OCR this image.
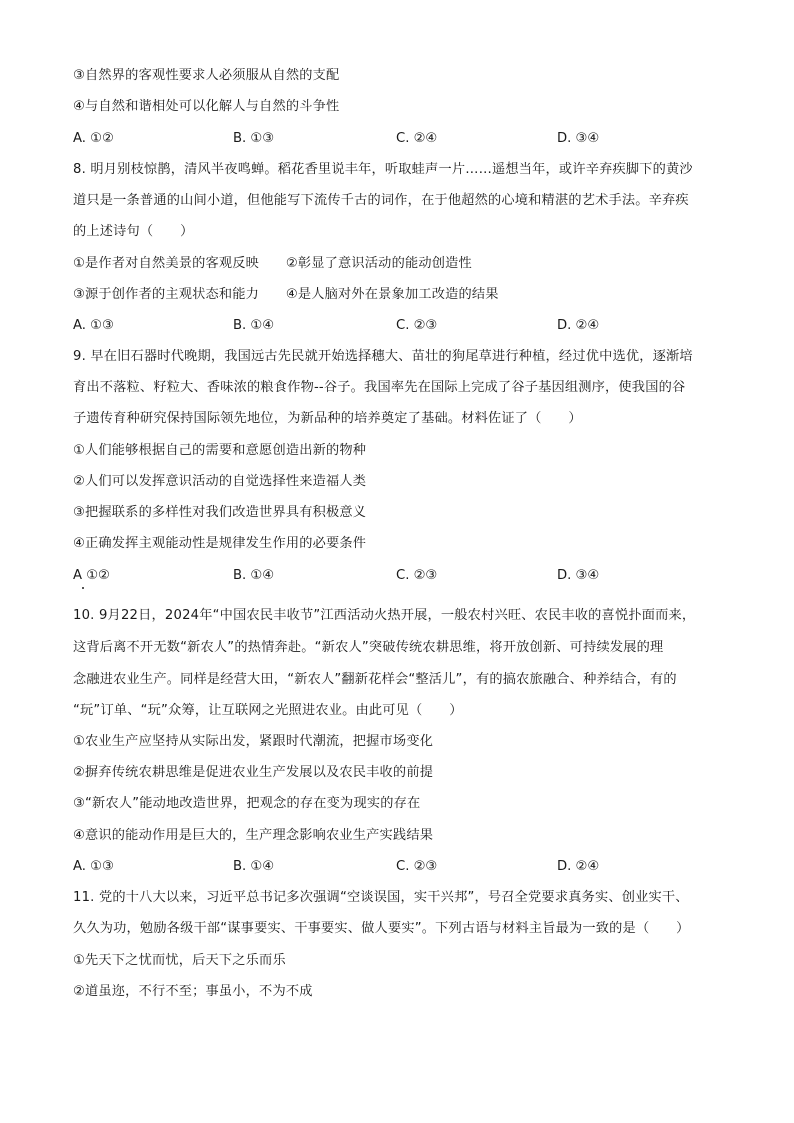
③自然界的客观性要求人必须服从自然的支配
④与自然和谐相处可以化解人与自然的斗争性
A. ①②	B. ①③	C. ②④	D. ③④
8. 明月别枝惊鹊，清风半夜鸣蝉。稻花香里说丰年，听取蛙声一片……遥想当年，或许辛弃疾脚下的黄沙
道只是一条普通的山间小道，但他能写下流传千古的词作，在于他超然的心境和精湛的艺术手法。辛弃疾
的上述诗句（　　）
①是作者对自然美景的客观反映　　②彰显了意识活动的能动创造性
③源于创作者的主观状态和能力　　④是人脑对外在景象加工改造的结果
A. ①③	B. ①④	C. ②③	D. ②④
9. 早在旧石器时代晚期，我国远古先民就开始选择穗大、苗壮的狗尾草进行种植，经过优中选优，逐渐培
育出不落粒、籽粒大、香味浓的粮食作物--谷子。我国率先在国际上完成了谷子基因组测序，使我国的谷
子遗传育种研究保持国际领先地位，为新品种的培养奠定了基础。材料佐证了（　　）
①人们能够根据自己的需要和意愿创造出新的物种
②人们可以发挥意识活动的自觉选择性来造福人类
③把握联系的多样性对我们改造世界具有积极意义
④正确发挥主观能动性是规律发生作用的必要条件
A ①②	B. ①④	C. ②③	D. ③④
10. 9月22日，2024年“中国农民丰收节”江西活动火热开展，一般农村兴旺、农民丰收的喜悦扑面而来，
这背后离不开无数“新农人”的热情奔赴。“新农人”突破传统农耕思维，将开放创新、可持续发展的理
念融进农业生产。同样是经营大田，“新农人”翻新花样会“整活儿”，有的搞农旅融合、种养结合，有的
“玩”订单、“玩”众筹，让互联网之光照进农业。由此可见（　　）
①农业生产应坚持从实际出发，紧跟时代潮流，把握市场变化
②摒弃传统农耕思维是促进农业生产发展以及农民丰收的前提
③“新农人”能动地改造世界，把观念的存在变为现实的存在
④意识的能动作用是巨大的，生产理念影响农业生产实践结果
A. ①③	B. ①④	C. ②③	D. ②④
11. 党的十八大以来，习近平总书记多次强调“空谈误国，实干兴邦”，号召全党要求真务实、创业实干、
久久为功，勉励各级干部“谋事要实、干事要实、做人要实”。下列古语与材料主旨最为一致的是（　　）
①先天下之忧而忧，后天下之乐而乐
②道虽迩，不行不至；事虽小，不为不成
